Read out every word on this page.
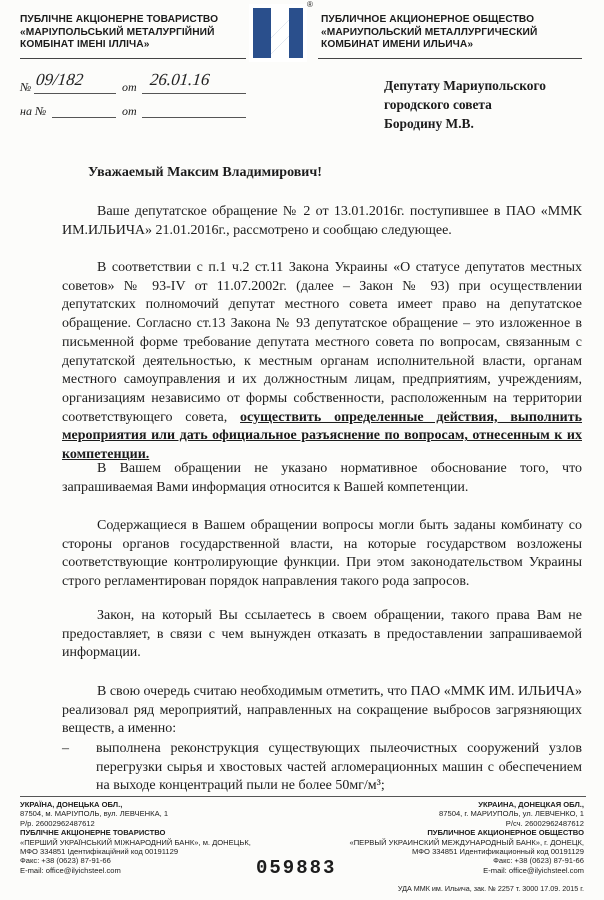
ПУБЛІЧНЕ АКЦІОНЕРНЕ ТОВАРИСТВО
«МАРІУПОЛЬСЬКИЙ МЕТАЛУРГІЙНИЙ
КОМБІНАТ ІМЕНІ ІЛЛІЧА»
®
ПУБЛИЧНОЕ АКЦИОНЕРНОЕ ОБЩЕСТВО
«МАРИУПОЛЬСКИЙ МЕТАЛЛУРГИЧЕСКИЙ
КОМБИНАТ ИМЕНИ ИЛЬИЧА»
№ 09/182	от 26.01.16
на №	от
Депутату Мариупольского
городского совета
Бородину М.В.
Уважаемый Максим Владимирович!

Ваше депутатское обращение № 2 от 13.01.2016г. поступившее в ПАО «ММК ИМ.ИЛЬИЧА» 21.01.2016г., рассмотрено и сообщаю следующее.

В соответствии с п.1 ч.2 ст.11 Закона Украины «О статусе депутатов местных советов» № 93-IV от 11.07.2002г. (далее – Закон № 93) при осуществлении депутатских полномочий депутат местного совета имеет право на депутатское обращение. Согласно ст.13 Закона № 93 депутатское обращение – это изложенное в письменной форме требование депутата местного совета по вопросам, связанным с депутатской деятельностью, к местным органам исполнительной власти, органам местного самоуправления и их должностным лицам, предприятиям, учреждениям, организациям независимо от формы собственности, расположенным на территории соответствующего совета, осуществить определенные действия, выполнить мероприятия или дать официальное разъяснение по вопросам, отнесенным к их компетенции.

В Вашем обращении не указано нормативное обоснование того, что запрашиваемая Вами информация относится к Вашей компетенции.

Содержащиеся в Вашем обращении вопросы могли быть заданы комбинату со стороны органов государственной власти, на которые государством возложены соответствующие контролирующие функции. При этом законодательством Украины строго регламентирован порядок направления такого рода запросов.

Закон, на который Вы ссылаетесь в своем обращении, такого права Вам не предоставляет, в связи с чем вынужден отказать в предоставлении запрашиваемой информации.

В свою очередь считаю необходимым отметить, что ПАО «ММК ИМ. ИЛЬИЧА» реализовал ряд мероприятий, направленных на сокращение выбросов загрязняющих веществ, а именно:

– выполнена реконструкция существующих пылеочистных сооружений узлов перегрузки сырья и хвостовых частей агломерационных машин с обеспечением на выходе концентраций пыли не более 50мг/м³;
УКРАЇНА, ДОНЕЦЬКА ОБЛ.,
87504, м. МАРІУПОЛЬ, вул. ЛЕВЧЕНКА, 1
Р/р. 26002962487612
ПУБЛІЧНЕ АКЦІОНЕРНЕ ТОВАРИСТВО
«ПЕРШИЙ УКРАЇНСЬКИЙ МІЖНАРОДНИЙ БАНК», м. ДОНЕЦЬК,
МФО 334851 Ідентифікаційний код 00191129
Факс: +38 (0623) 87-91-66
E-mail: office@ilyichsteel.com
УКРАИНА, ДОНЕЦКАЯ ОБЛ.,
87504, г. МАРИУПОЛЬ, ул. ЛЕВЧЕНКО, 1
Р/сч. 26002962487612
ПУБЛИЧНОЕ АКЦИОНЕРНОЕ ОБЩЕСТВО
«ПЕРВЫЙ УКРАИНСКИЙ МЕЖДУНАРОДНЫЙ БАНК», г. ДОНЕЦК,
МФО 334851 Идентификационный код 00191129
Факс: +38 (0623) 87-91-66
E-mail: office@ilyichsteel.com
059883
УДА ММК им. Ильича, зак. № 2257 т. 3000 17.09. 2015 г.
